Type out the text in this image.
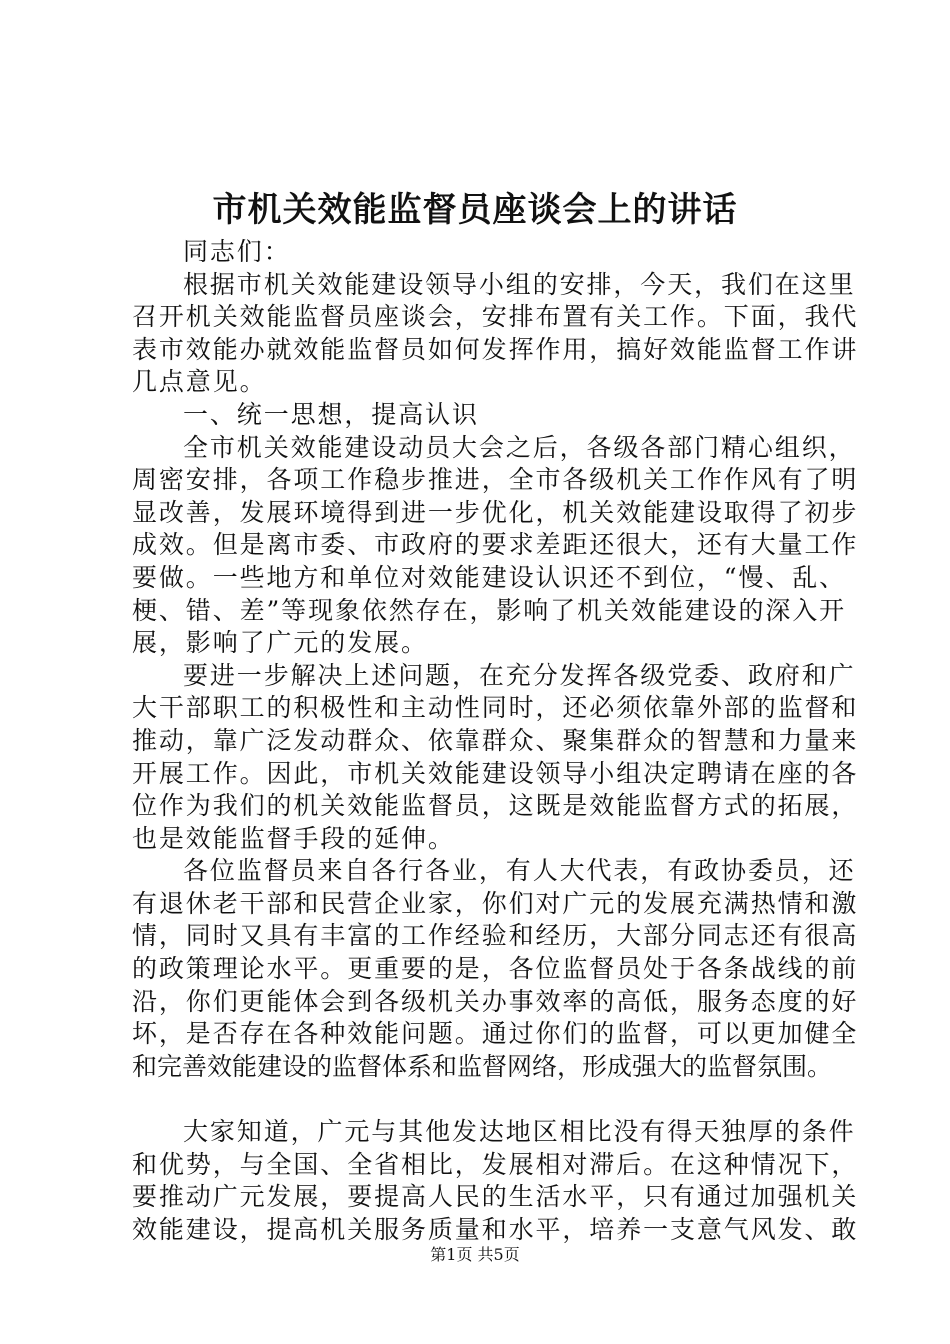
市机关效能监督员座谈会上的讲话
同志们：
根据市机关效能建设领导小组的安排，今天，我们在这里
召开机关效能监督员座谈会，安排布置有关工作。下面，我代
表市效能办就效能监督员如何发挥作用，搞好效能监督工作讲
几点意见。
一、统一思想，提高认识
全市机关效能建设动员大会之后，各级各部门精心组织，
周密安排，各项工作稳步推进，全市各级机关工作作风有了明
显改善，发展环境得到进一步优化，机关效能建设取得了初步
成效。但是离市委、市政府的要求差距还很大，还有大量工作
要做。一些地方和单位对效能建设认识还不到位，“慢、乱、
梗、错、差”等现象依然存在，影响了机关效能建设的深入开
展，影响了广元的发展。
要进一步解决上述问题，在充分发挥各级党委、政府和广
大干部职工的积极性和主动性同时，还必须依靠外部的监督和
推动，靠广泛发动群众、依靠群众、聚集群众的智慧和力量来
开展工作。因此，市机关效能建设领导小组决定聘请在座的各
位作为我们的机关效能监督员，这既是效能监督方式的拓展，
也是效能监督手段的延伸。
各位监督员来自各行各业，有人大代表，有政协委员，还
有退休老干部和民营企业家，你们对广元的发展充满热情和激
情，同时又具有丰富的工作经验和经历，大部分同志还有很高
的政策理论水平。更重要的是，各位监督员处于各条战线的前
沿，你们更能体会到各级机关办事效率的高低，服务态度的好
坏，是否存在各种效能问题。通过你们的监督，可以更加健全
和完善效能建设的监督体系和监督网络，形成强大的监督氛围。
大家知道，广元与其他发达地区相比没有得天独厚的条件
和优势，与全国、全省相比，发展相对滞后。在这种情况下，
要推动广元发展，要提高人民的生活水平，只有通过加强机关
效能建设，提高机关服务质量和水平，培养一支意气风发、敢
第1页 共5页
